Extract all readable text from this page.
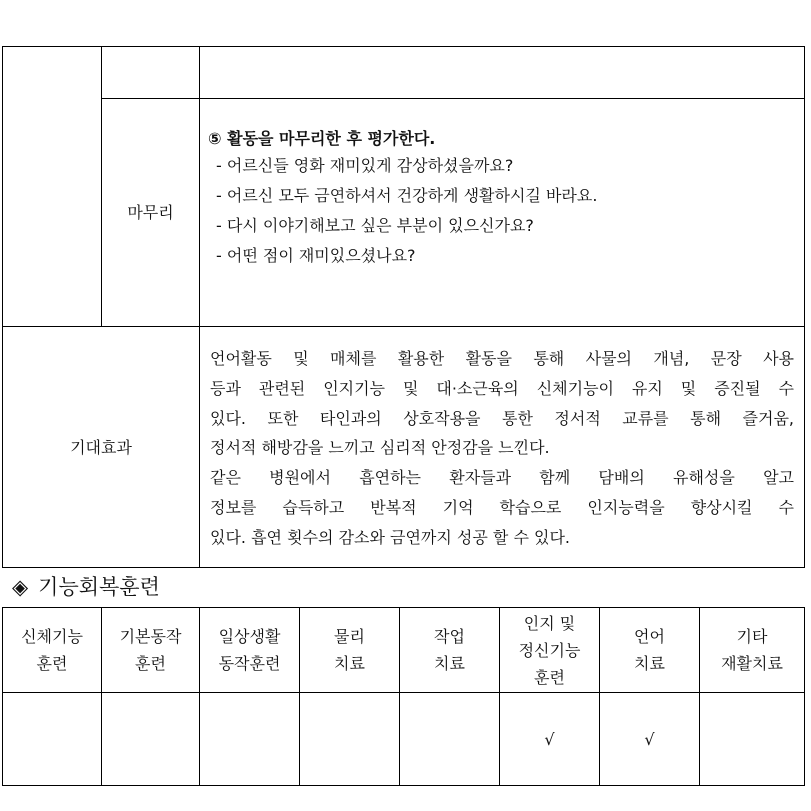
마무리
⑤ 활동을 마무리한 후 평가한다.
- 어르신들 영화 재미있게 감상하셨을까요?
- 어르신 모두 금연하셔서 건강하게 생활하시길 바라요.
- 다시 이야기해보고 싶은 부분이 있으신가요?
- 어떤 점이 재미있으셨나요?
기대효과
언어활동 및 매체를 활용한 활동을 통해 사물의 개념, 문장 사용
등과 관련된 인지기능 및 대·소근육의 신체기능이 유지 및 증진될 수
있다. 또한 타인과의 상호작용을 통한 정서적 교류를 통해 즐거움,
정서적 해방감을 느끼고 심리적 안정감을 느낀다.
같은 병원에서 흡연하는 환자들과 함께 담배의 유해성을 알고
정보를 습득하고 반복적 기억 학습으로 인지능력을 향상시킬 수
있다. 흡연 횟수의 감소와 금연까지 성공 할 수 있다.
◈ 기능회복훈련
신체기능
훈련
기본동작
훈련
일상생활
동작훈련
물리
치료
작업
치료
인지 및
정신기능
훈련
언어
치료
기타
재활치료
√	√
